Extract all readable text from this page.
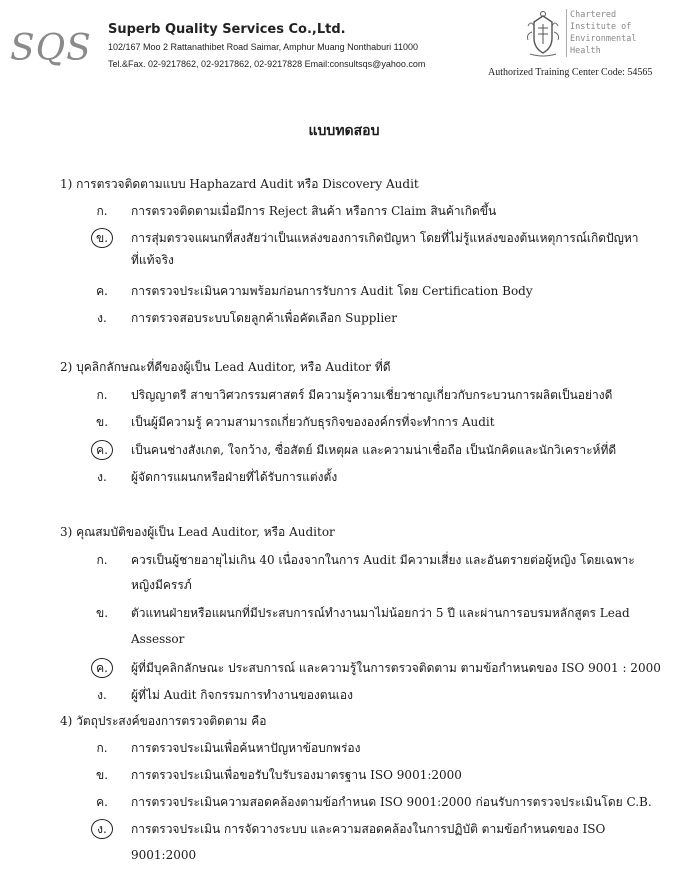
SQS Superb Quality Services Co.,Ltd.
102/167 Moo 2 Rattanathibet Road Saimar, Amphur Muang Nonthaburi 11000
Tel.&Fax. 02-9217862, 02-9217862, 02-9217828 Email:consultsqs@yahoo.com
Chartered
Institute of
Environmental
Health
Authorized Training Center Code: 54565
แบบทดสอบ
1) การตรวจติดตามแบบ Haphazard Audit หรือ Discovery Audit
ก.	การตรวจติดตามเมื่อมีการ Reject สินค้า หรือการ Claim สินค้าเกิดขึ้น
ข.	การสุ่มตรวจแผนกที่สงสัยว่าเป็นแหล่งของการเกิดปัญหา โดยที่ไม่รู้แหล่งของต้นเหตุการณ์เกิดปัญหา
ที่แท้จริง
ค.	การตรวจประเมินความพร้อมก่อนการรับการ Audit โดย Certification Body
ง.	การตรวจสอบระบบโดยลูกค้าเพื่อคัดเลือก Supplier
2) บุคลิกลักษณะที่ดีของผู้เป็น Lead Auditor, หรือ Auditor ที่ดี
ก.	ปริญญาตรี สาขาวิศวกรรมศาสตร์ มีความรู้ความเชี่ยวชาญเกี่ยวกับกระบวนการผลิตเป็นอย่างดี
ข.	เป็นผู้มีความรู้ ความสามารถเกี่ยวกับธุรกิจขององค์กรที่จะทำการ Audit
ค.	เป็นคนช่างสังเกต, ใจกว้าง, ซื่อสัตย์ มีเหตุผล และความน่าเชื่อถือ เป็นนักคิดและนักวิเคราะห์ที่ดี
ง.	ผู้จัดการแผนกหรือฝ่ายที่ได้รับการแต่งตั้ง
3) คุณสมบัติของผู้เป็น Lead Auditor, หรือ Auditor
ก.	ควรเป็นผู้ชายอายุไม่เกิน 40 เนื่องจากในการ Audit มีความเสี่ยง และอันตรายต่อผู้หญิง โดยเฉพาะ
หญิงมีครรภ์
ข.	ตัวแทนฝ่ายหรือแผนกที่มีประสบการณ์ทำงานมาไม่น้อยกว่า 5 ปี และผ่านการอบรมหลักสูตร Lead
Assessor
ค.	ผู้ที่มีบุคลิกลักษณะ ประสบการณ์ และความรู้ในการตรวจติดตาม ตามข้อกำหนดของ ISO 9001 : 2000
ง.	ผู้ที่ไม่ Audit กิจกรรมการทำงานของตนเอง
4) วัตถุประสงค์ของการตรวจติดตาม คือ
ก.	การตรวจประเมินเพื่อค้นหาปัญหาข้อบกพร่อง
ข.	การตรวจประเมินเพื่อขอรับใบรับรองมาตรฐาน ISO 9001:2000
ค.	การตรวจประเมินความสอดคล้องตามข้อกำหนด ISO 9001:2000 ก่อนรับการตรวจประเมินโดย C.B.
ง.	การตรวจประเมิน การจัดวางระบบ และความสอดคล้องในการปฏิบัติ ตามข้อกำหนดของ ISO
9001:2000
